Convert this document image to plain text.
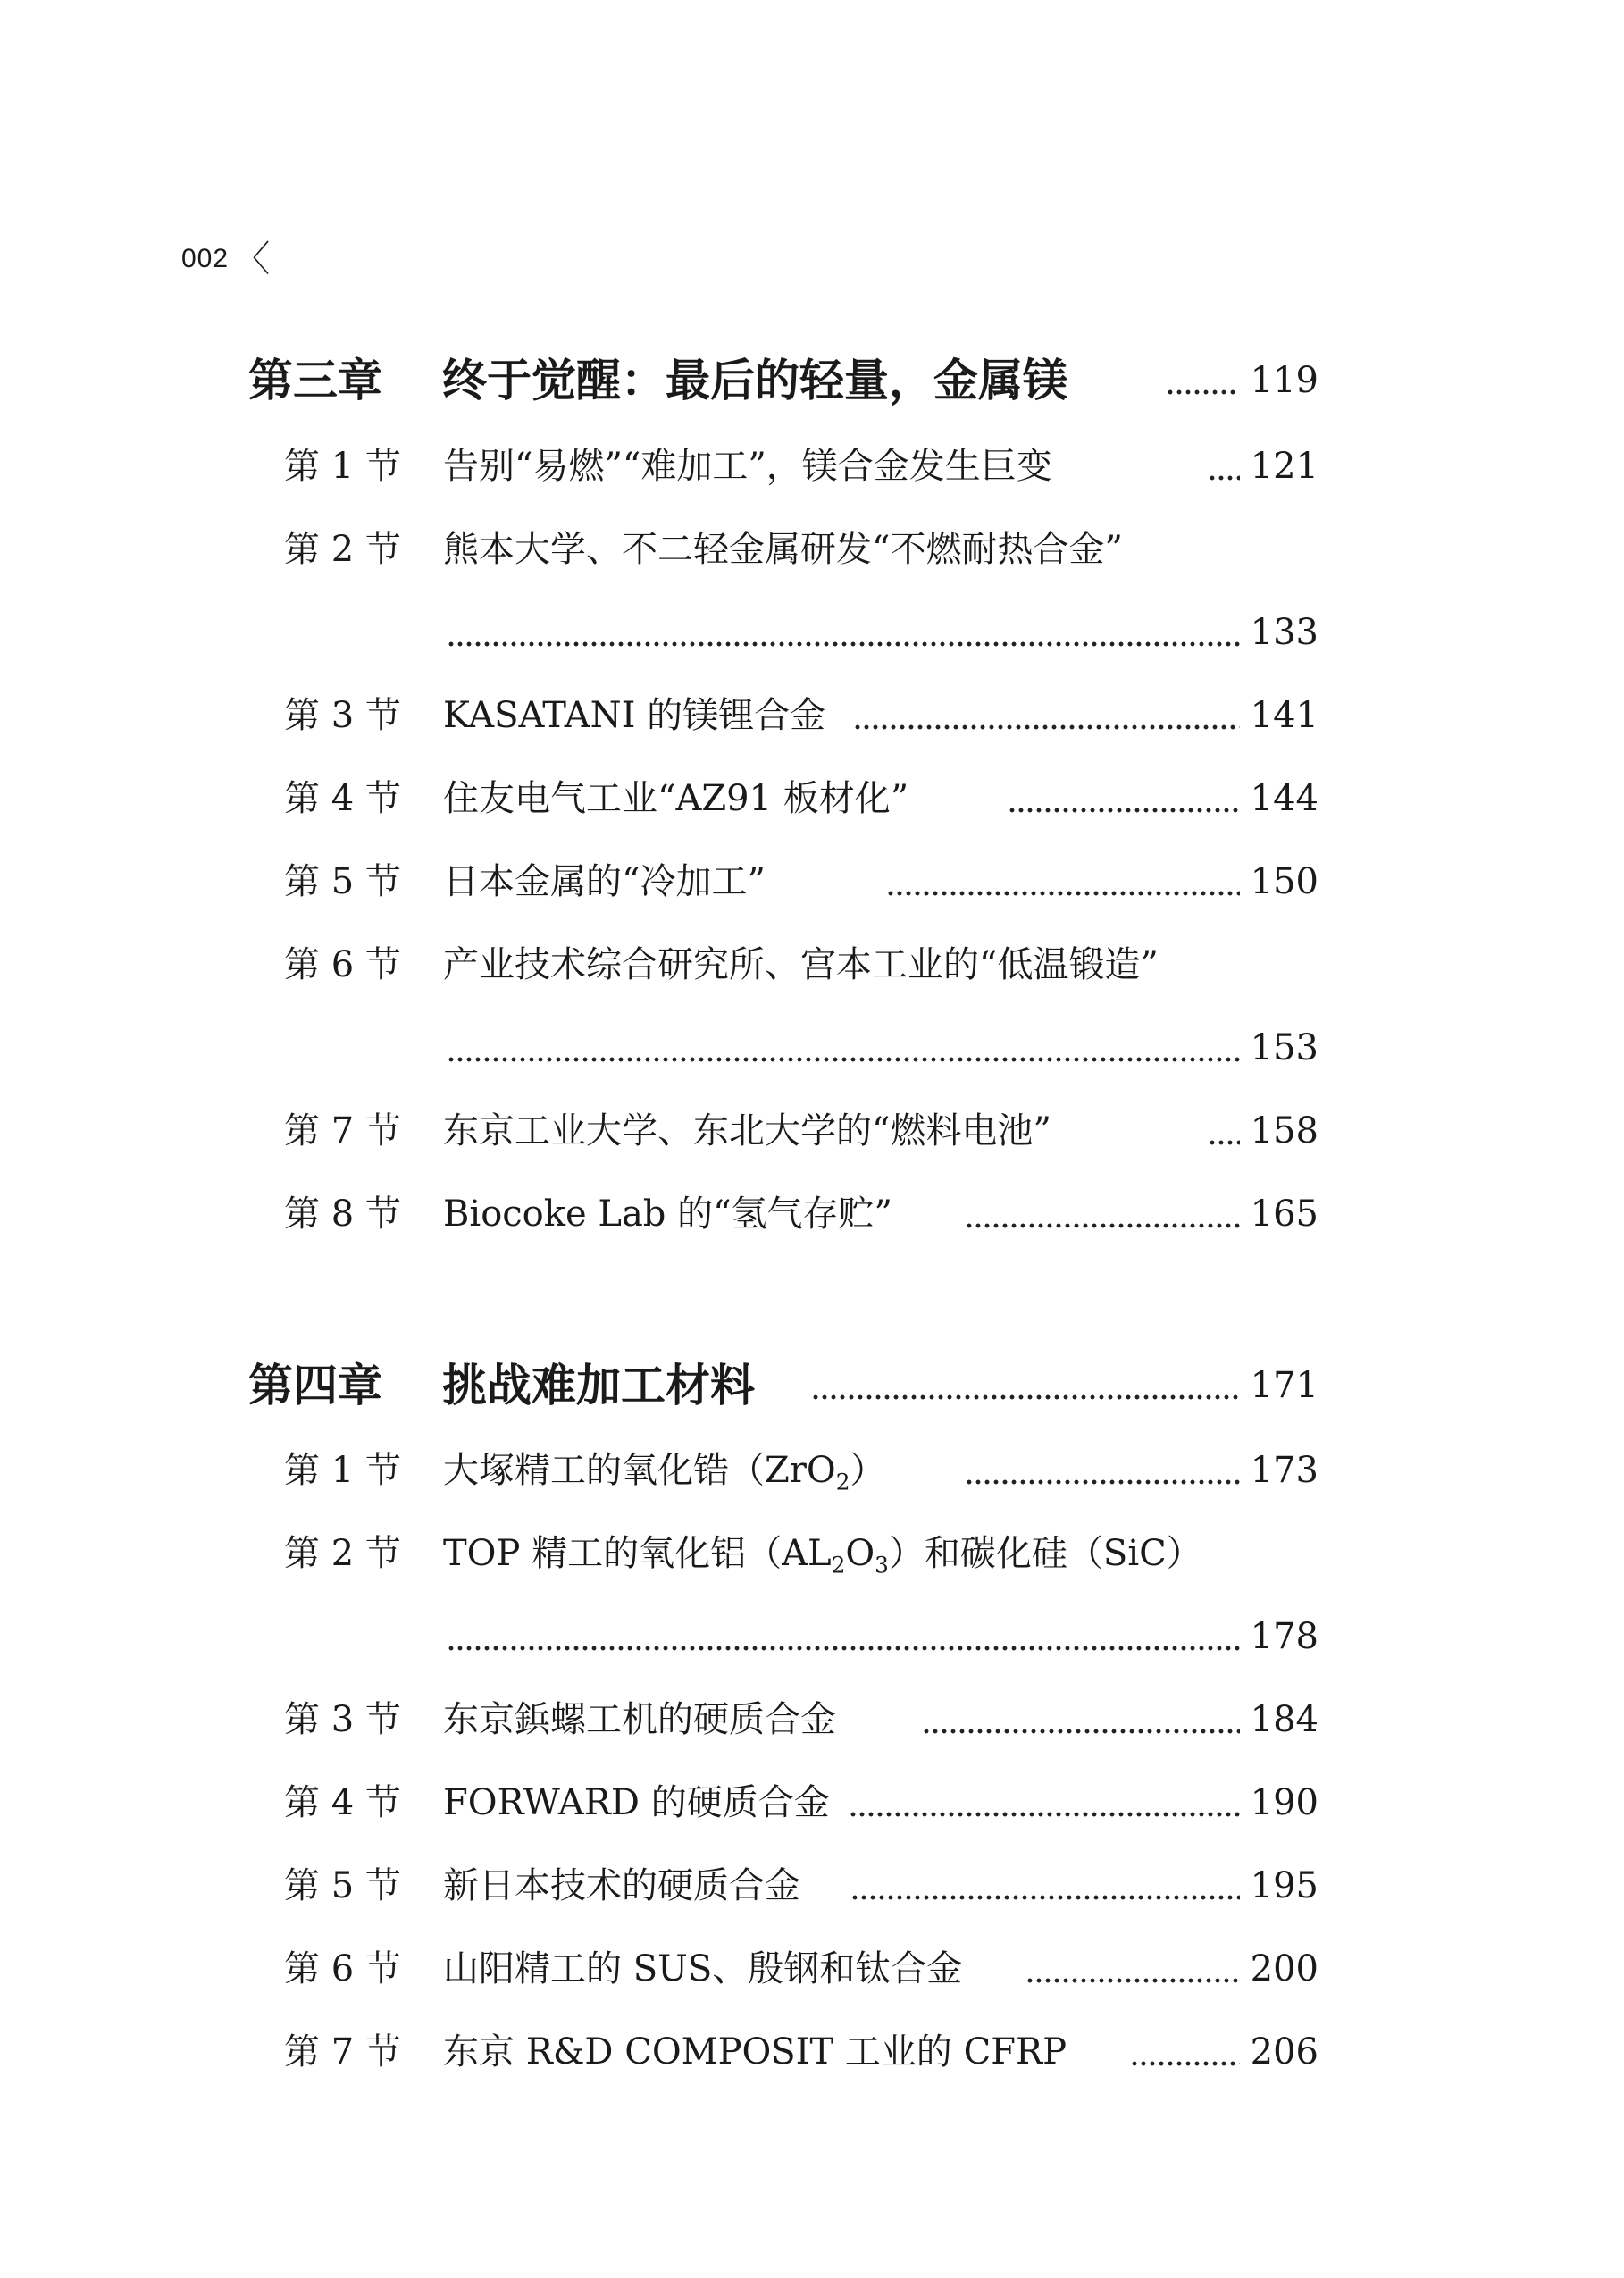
002 〈
第三章 终于觉醒：最后的轻量，金属镁	119
第 1 节 告别“易燃”“难加工”，镁合金发生巨变	121
第 2 节 熊本大学、不二轻金属研发“不燃耐热合金”
133
第 3 节 KASATANI 的镁锂合金	141
第 4 节 住友电气工业“AZ91 板材化”	144
第 5 节 日本金属的“冷加工”	150
第 6 节 产业技术综合研究所、宫本工业的“低温锻造”
153
第 7 节 东京工业大学、东北大学的“燃料电池”	158
第 8 节 Biocoke Lab 的“氢气存贮”	165
第四章 挑战难加工材料	171
第 1 节 大塚精工的氧化锆（ZrO$_2$）	173
第 2 节 TOP 精工的氧化铝$(AL_2O_3)$和碳化硅（SiC）
178
第 3 节 东京鋲螺工机的硬质合金	184
第 4 节 FORWARD 的硬质合金	190
第 5 节 新日本技术的硬质合金	195
第 6 节 山阳精工的 SUS、殷钢和钛合金	200
第 7 节 东京 R&D COMPOSIT 工业的 CFRP	206
